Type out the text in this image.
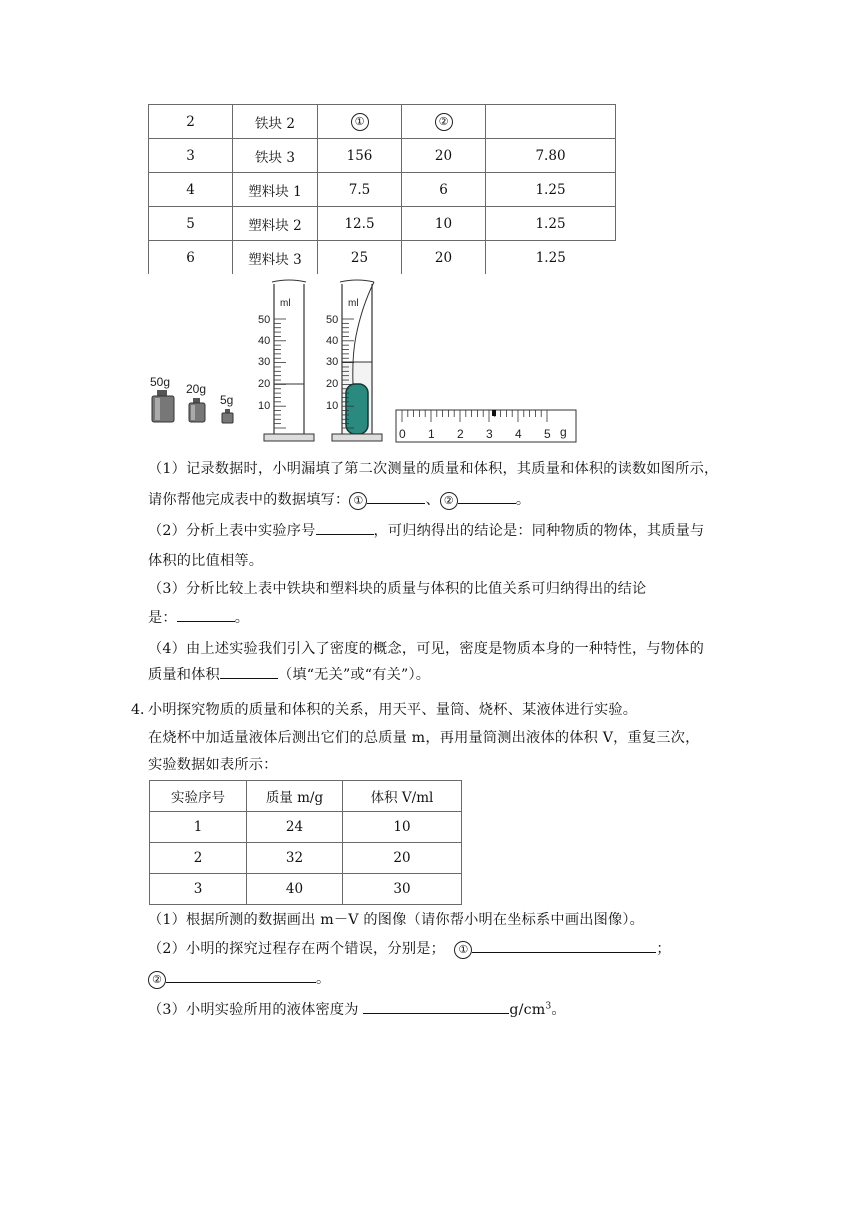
2	铁块 2	①	②	
3	铁块 3	156	20	7.80
4	塑料块 1	7.5	6	1.25
5	塑料块 2	12.5	10	1.25
6	塑料块 3	25	20	1.25
50g 20g
5g
ml
50
40
30
20
10
ml
50
40
30
20
10
0 1 2 3 4 5 g
（1）记录数据时，小明漏填了第二次测量的质量和体积，其质量和体积的读数如图所示，
请你帮他完成表中的数据填写： ①	、 ②	。
（2）分析上表中实验序号	，可归纳得出的结论是：同种物质的物体，其质量与
体积的比值相等。
（3）分析比较上表中铁块和塑料块的质量与体积的比值关系可归纳得出的结论
是：	。
（4）由上述实验我们引入了密度的概念，可见，密度是物质本身的一种特性，与物体的
质量和体积	（填“无关”或“有关”）。
4．
小明探究物质的质量和体积的关系，用天平、量筒、烧杯、某液体进行实验。
在烧杯中加适量液体后测出它们的总质量 m，再用量筒测出液体的体积 V，重复三次，
实验数据如表所示：
实验序号	质量 m/g	体积 V/ml
1	24	10
2	32	20
3	40	30
（1）根据所测的数据画出 m－V 的图像（请你帮小明在坐标系中画出图像）。
（2）小明的探究过程存在两个错误，分别是； ①	；
②	。
（3）小明实验所用的液体密度为	$g/cm^3$。
